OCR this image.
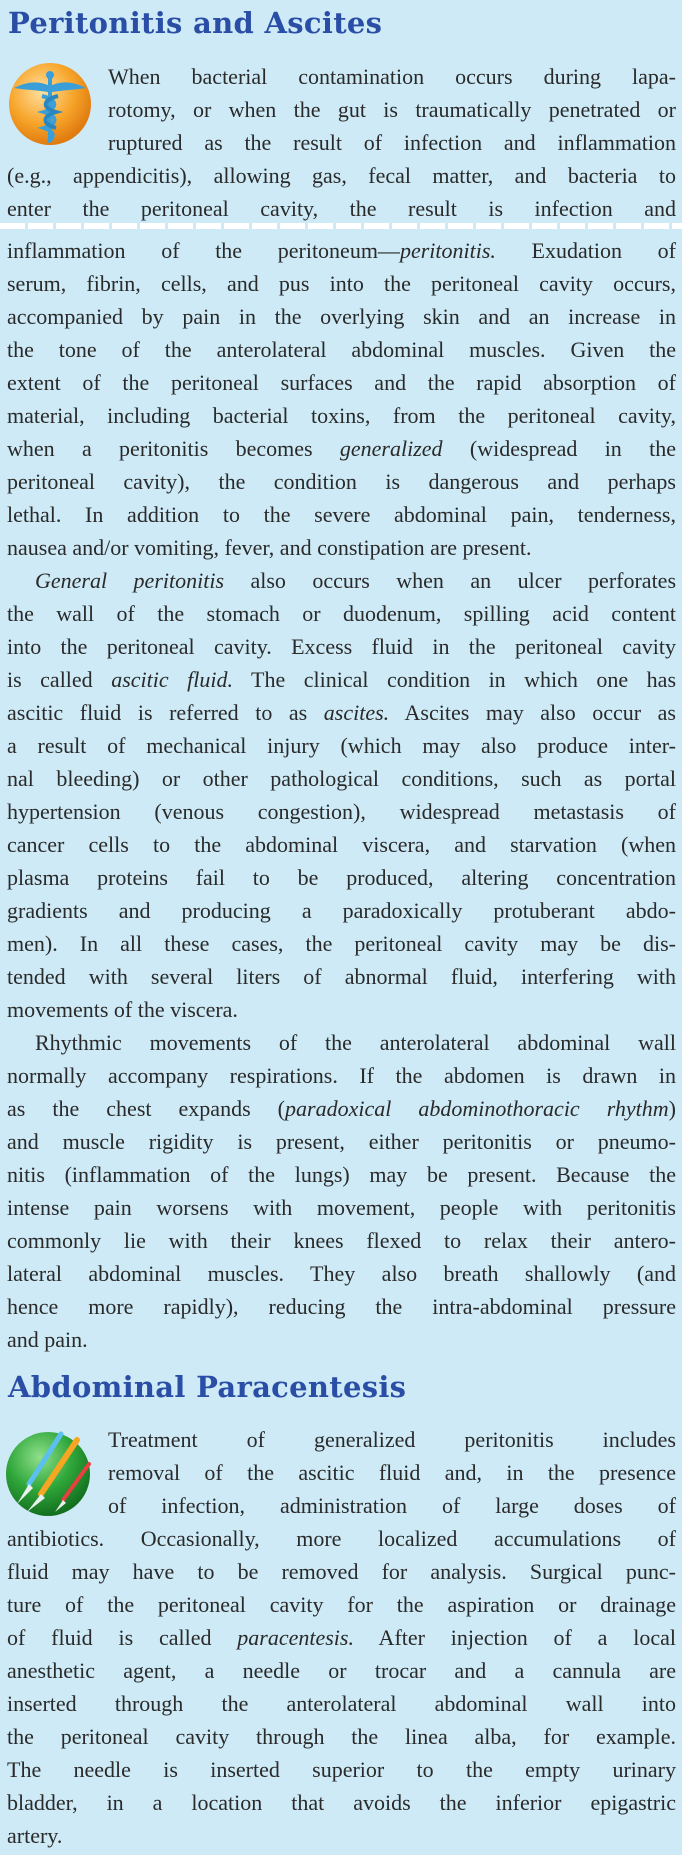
Peritonitis and Ascites
When bacterial contamination occurs during lapa-
rotomy, or when the gut is traumatically penetrated or
ruptured as the result of infection and inflammation
(e.g., appendicitis), allowing gas, fecal matter, and bacteria to
enter the peritoneal cavity, the result is infection and
inflammation of the peritoneum—peritonitis. Exudation of
serum, fibrin, cells, and pus into the peritoneal cavity occurs,
accompanied by pain in the overlying skin and an increase in
the tone of the anterolateral abdominal muscles. Given the
extent of the peritoneal surfaces and the rapid absorption of
material, including bacterial toxins, from the peritoneal cavity,
when a peritonitis becomes generalized (widespread in the
peritoneal cavity), the condition is dangerous and perhaps
lethal. In addition to the severe abdominal pain, tenderness,
nausea and/or vomiting, fever, and constipation are present.
General peritonitis also occurs when an ulcer perforates
the wall of the stomach or duodenum, spilling acid content
into the peritoneal cavity. Excess fluid in the peritoneal cavity
is called ascitic fluid. The clinical condition in which one has
ascitic fluid is referred to as ascites. Ascites may also occur as
a result of mechanical injury (which may also produce inter-
nal bleeding) or other pathological conditions, such as portal
hypertension (venous congestion), widespread metastasis of
cancer cells to the abdominal viscera, and starvation (when
plasma proteins fail to be produced, altering concentration
gradients and producing a paradoxically protuberant abdo-
men). In all these cases, the peritoneal cavity may be dis-
tended with several liters of abnormal fluid, interfering with
movements of the viscera.
Rhythmic movements of the anterolateral abdominal wall
normally accompany respirations. If the abdomen is drawn in
as the chest expands (paradoxical abdominothoracic rhythm)
and muscle rigidity is present, either peritonitis or pneumo-
nitis (inflammation of the lungs) may be present. Because the
intense pain worsens with movement, people with peritonitis
commonly lie with their knees flexed to relax their antero-
lateral abdominal muscles. They also breath shallowly (and
hence more rapidly), reducing the intra-abdominal pressure
and pain.
Abdominal Paracentesis
Treatment of generalized peritonitis includes
removal of the ascitic fluid and, in the presence
of infection, administration of large doses of
antibiotics. Occasionally, more localized accumulations of
fluid may have to be removed for analysis. Surgical punc-
ture of the peritoneal cavity for the aspiration or drainage
of fluid is called paracentesis. After injection of a local
anesthetic agent, a needle or trocar and a cannula are
inserted through the anterolateral abdominal wall into
the peritoneal cavity through the linea alba, for example.
The needle is inserted superior to the empty urinary
bladder, in a location that avoids the inferior epigastric
artery.
